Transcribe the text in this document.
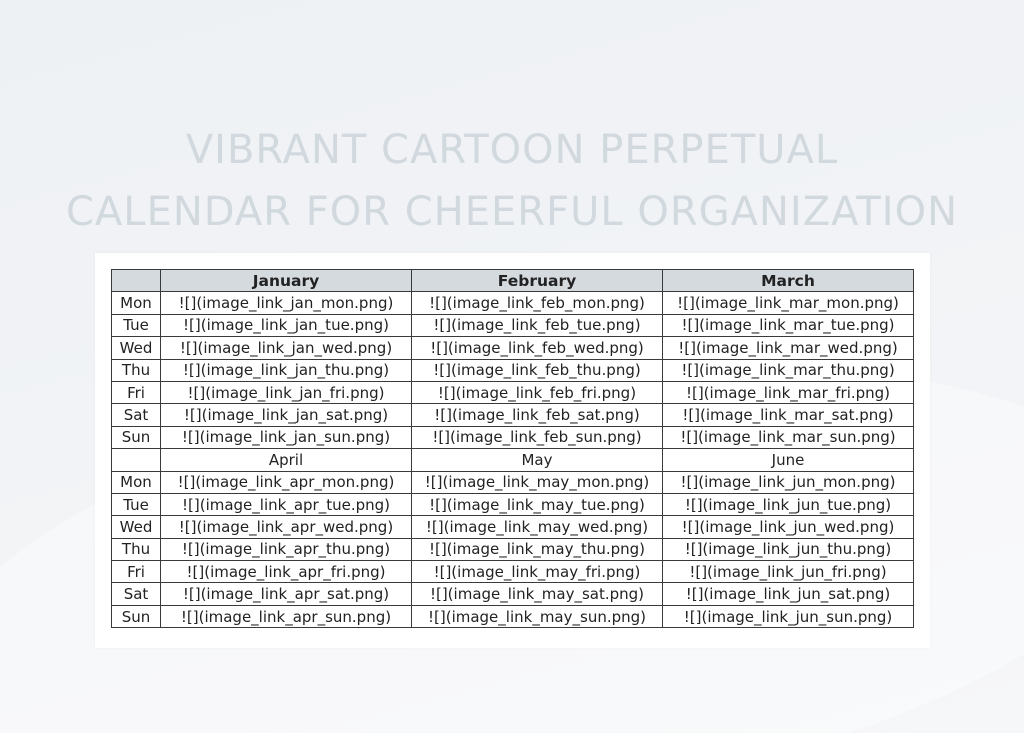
VIBRANT CARTOON PERPETUAL
CALENDAR FOR CHEERFUL ORGANIZATION
	January	February	March
Mon	![](image_link_jan_mon.png)	![](image_link_feb_mon.png)	![](image_link_mar_mon.png)
Tue	![](image_link_jan_tue.png)	![](image_link_feb_tue.png)	![](image_link_mar_tue.png)
Wed	![](image_link_jan_wed.png)	![](image_link_feb_wed.png)	![](image_link_mar_wed.png)
Thu	![](image_link_jan_thu.png)	![](image_link_feb_thu.png)	![](image_link_mar_thu.png)
Fri	![](image_link_jan_fri.png)	![](image_link_feb_fri.png)	![](image_link_mar_fri.png)
Sat	![](image_link_jan_sat.png)	![](image_link_feb_sat.png)	![](image_link_mar_sat.png)
Sun	![](image_link_jan_sun.png)	![](image_link_feb_sun.png)	![](image_link_mar_sun.png)
	April	May	June
Mon	![](image_link_apr_mon.png)	![](image_link_may_mon.png)	![](image_link_jun_mon.png)
Tue	![](image_link_apr_tue.png)	![](image_link_may_tue.png)	![](image_link_jun_tue.png)
Wed	![](image_link_apr_wed.png)	![](image_link_may_wed.png)	![](image_link_jun_wed.png)
Thu	![](image_link_apr_thu.png)	![](image_link_may_thu.png)	![](image_link_jun_thu.png)
Fri	![](image_link_apr_fri.png)	![](image_link_may_fri.png)	![](image_link_jun_fri.png)
Sat	![](image_link_apr_sat.png)	![](image_link_may_sat.png)	![](image_link_jun_sat.png)
Sun	![](image_link_apr_sun.png)	![](image_link_may_sun.png)	![](image_link_jun_sun.png)
